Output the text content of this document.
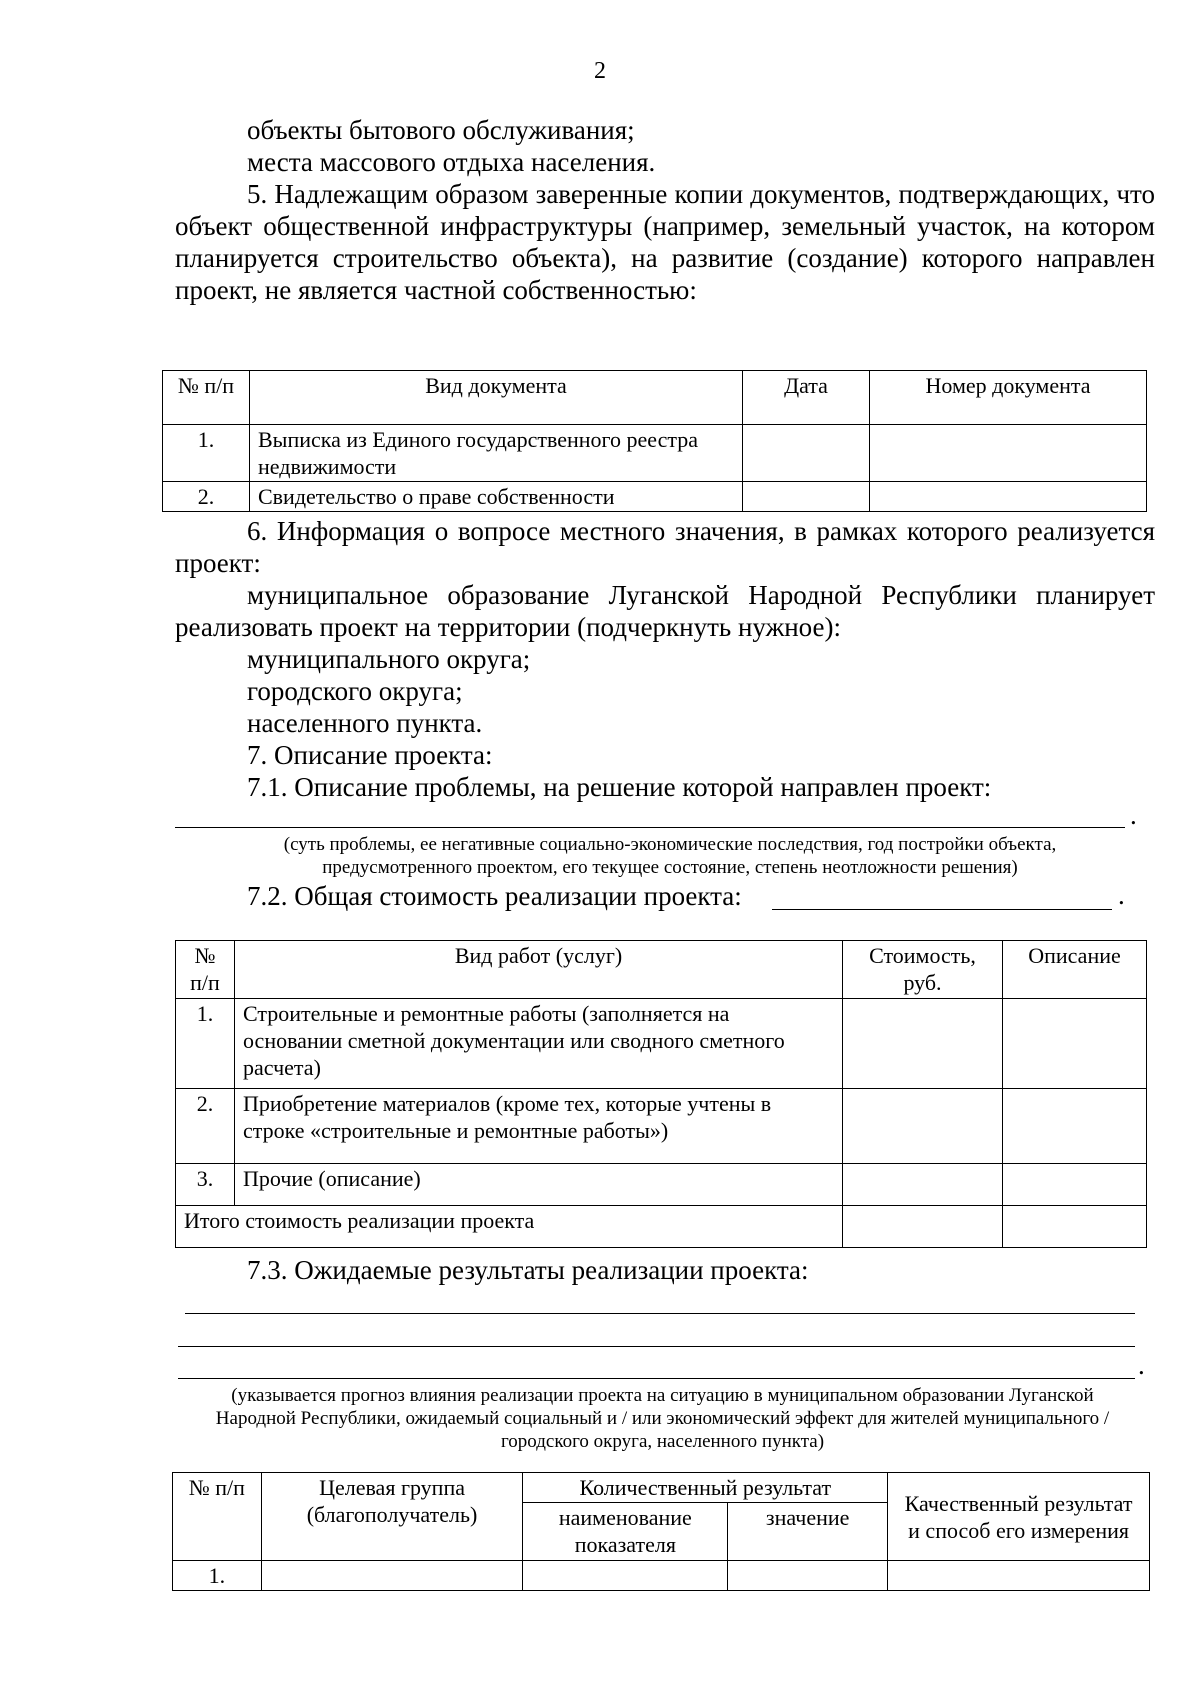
2

объекты бытового обслуживания;

места массового отдыха населения.

5. Надлежащим образом заверенные копии документов, подтверждающих, что объект общественной инфраструктуры (например, земельный участок, на котором планируется строительство объекта), на развитие (создание) которого направлен проект, не является частной собственностью:

№ п/п	Вид документа	Дата	Номер документа
1.	Выписка из Единого государственного реестра недвижимости		
2.	Свидетельство о праве собственности		

6. Информация о вопросе местного значения, в рамках которого реализуется проект:

муниципальное образование Луганской Народной Республики планирует реализовать проект на территории (подчеркнуть нужное):

муниципального округа;

городского округа;

населенного пункта.

7. Описание проекта:

7.1. Описание проблемы, на решение которой направлен проект:

.
(суть проблемы, ее негативные социально-экономические последствия, год постройки объекта, предусмотренного проектом, его текущее состояние, степень неотложности решения)

7.2. Общая стоимость реализации проекта:	.
№ п/п	Вид работ (услуг)	Стоимость, руб.	Описание
1.	Строительные и ремонтные работы (заполняется на основании сметной документации или сводного сметного расчета)		
2.	Приобретение материалов (кроме тех, которые учтены в строке «строительные и ремонтные работы»)		
3.	Прочие (описание)		
Итого стоимость реализации проекта			

7.3. Ожидаемые результаты реализации проекта:

.
(указывается прогноз влияния реализации проекта на ситуацию в муниципальном образовании Луганской Народной Республики, ожидаемый социальный и / или экономический эффект для жителей муниципального / городского округа, населенного пункта)
№ п/п	Целевая группа (благополучатель)	Количественный результат		Качественный результат и способ его измерения
		наименование показателя	значение	
1.				
